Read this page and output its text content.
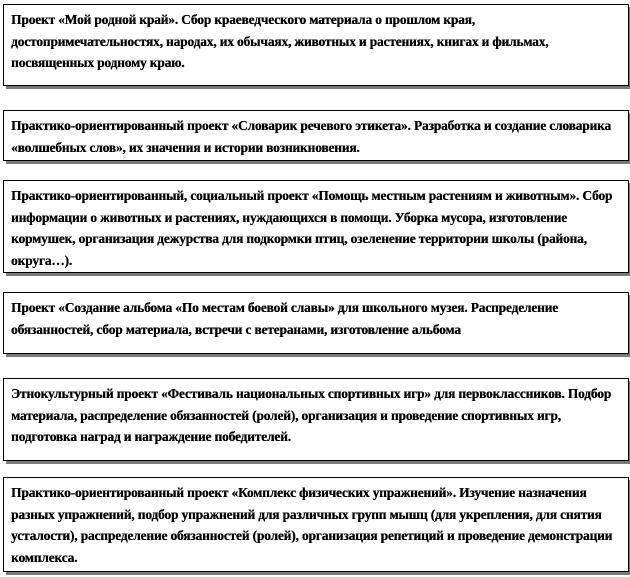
Проект «Мой родной край». Сбор краеведческого материала о прошлом края, достопримечательностях, народах, их обычаях, животных и растениях, книгах и фильмах, посвященных родному краю.

Практико-ориентированный проект «Словарик речевого этикета». Разработка и создание словарика «волшебных слов», их значения и истории возникновения.

Практико-ориентированный, социальный проект «Помощь местным растениям и животным». Сбор информации о животных и растениях, нуждающихся в помощи. Уборка мусора, изготовление кормушек, организация дежурства для подкормки птиц, озеленение территории школы (района, округа…).

Проект «Создание альбома «По местам боевой славы» для школьного музея. Распределение обязанностей, сбор материала, встречи с ветеранами, изготовление альбома

Этнокультурный проект «Фестиваль национальных спортивных игр» для первоклассников. Подбор материала, распределение обязанностей (ролей), организация и проведение спортивных игр, подготовка наград и награждение победителей.

Практико-ориентированный проект «Комплекс физических упражнений». Изучение назначения разных упражнений, подбор упражнений для различных групп мышц (для укрепления, для снятия усталости), распределение обязанностей (ролей), организация репетиций и проведение демонстрации комплекса.
